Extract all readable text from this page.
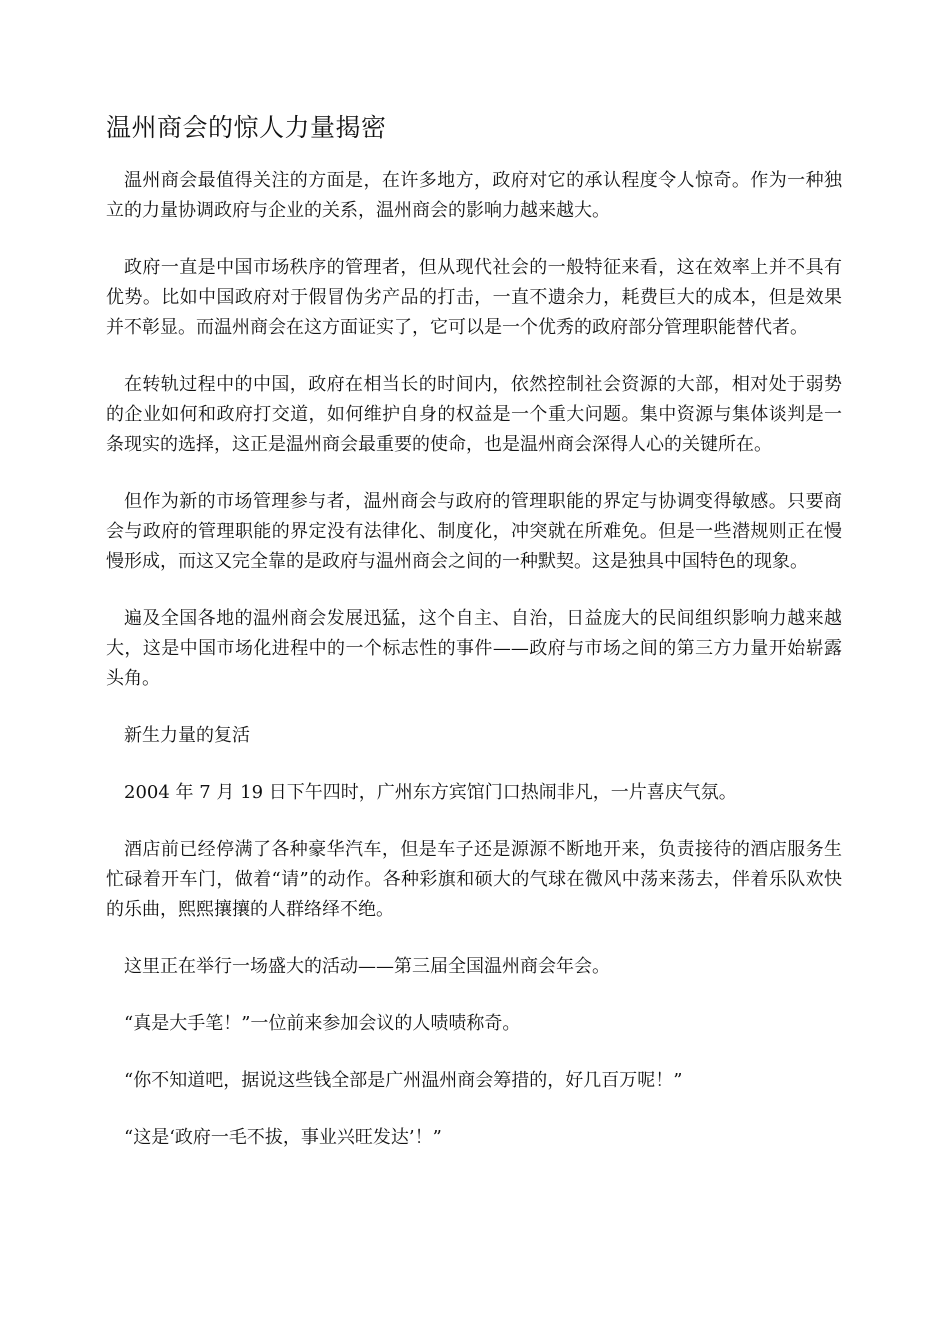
温州商会的惊人力量揭密

温州商会最值得关注的方面是，在许多地方，政府对它的承认程度令人惊奇。作为一种独立的力量协调政府与企业的关系，温州商会的影响力越来越大。

政府一直是中国市场秩序的管理者，但从现代社会的一般特征来看，这在效率上并不具有优势。比如中国政府对于假冒伪劣产品的打击，一直不遗余力，耗费巨大的成本，但是效果并不彰显。而温州商会在这方面证实了，它可以是一个优秀的政府部分管理职能替代者。

在转轨过程中的中国，政府在相当长的时间内，依然控制社会资源的大部，相对处于弱势的企业如何和政府打交道，如何维护自身的权益是一个重大问题。集中资源与集体谈判是一条现实的选择，这正是温州商会最重要的使命，也是温州商会深得人心的关键所在。

但作为新的市场管理参与者，温州商会与政府的管理职能的界定与协调变得敏感。只要商会与政府的管理职能的界定没有法律化、制度化，冲突就在所难免。但是一些潜规则正在慢慢形成，而这又完全靠的是政府与温州商会之间的一种默契。这是独具中国特色的现象。

遍及全国各地的温州商会发展迅猛，这个自主、自治，日益庞大的民间组织影响力越来越大，这是中国市场化进程中的一个标志性的事件——政府与市场之间的第三方力量开始崭露头角。

新生力量的复活

2004 年 7 月 19 日下午四时，广州东方宾馆门口热闹非凡，一片喜庆气氛。

酒店前已经停满了各种豪华汽车，但是车子还是源源不断地开来，负责接待的酒店服务生忙碌着开车门，做着“请”的动作。各种彩旗和硕大的气球在微风中荡来荡去，伴着乐队欢快的乐曲，熙熙攘攘的人群络绎不绝。

这里正在举行一场盛大的活动——第三届全国温州商会年会。

“真是大手笔！”一位前来参加会议的人啧啧称奇。

“你不知道吧，据说这些钱全部是广州温州商会筹措的，好几百万呢！”

“这是‘政府一毛不拔，事业兴旺发达’！”
